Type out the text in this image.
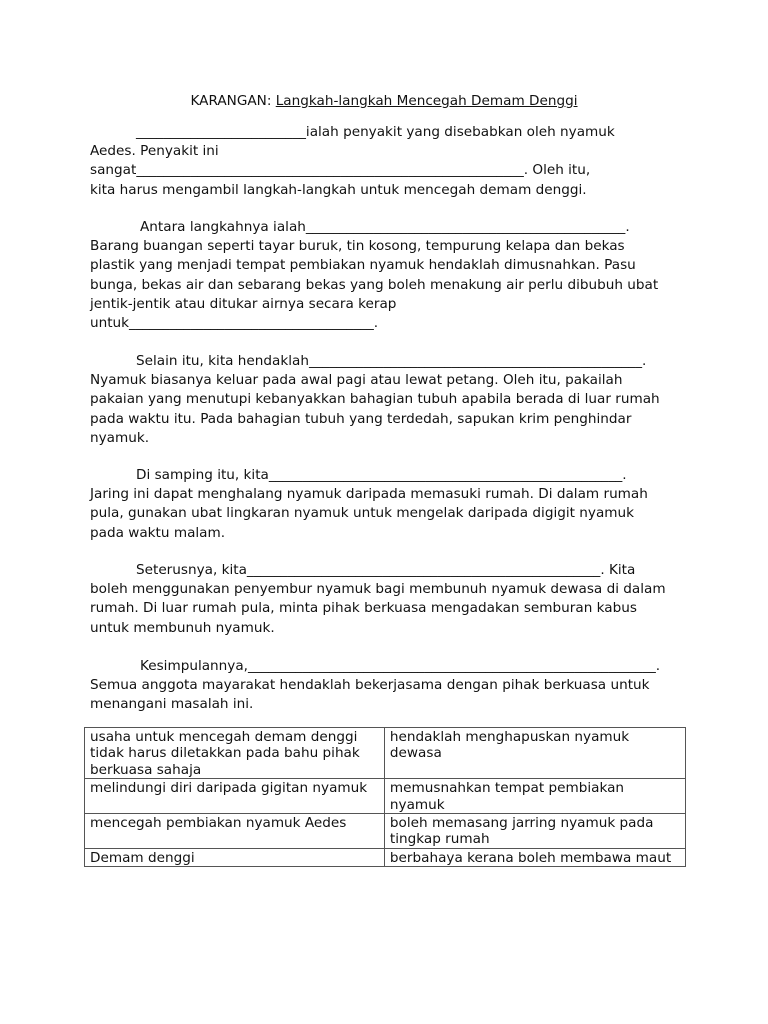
KARANGAN: Langkah-langkah Mencegah Demam Denggi
_________________________ialah penyakit yang disebabkan oleh nyamuk
Aedes. Penyakit ini
sangat_________________________________________________________. Oleh itu,
kita harus mengambil langkah-langkah untuk mencegah demam denggi.
Antara langkahnya ialah_______________________________________________.
Barang buangan seperti tayar buruk, tin kosong, tempurung kelapa dan bekas
plastik yang menjadi tempat pembiakan nyamuk hendaklah dimusnahkan. Pasu
bunga, bekas air dan sebarang bekas yang boleh menakung air perlu dibubuh ubat
jentik-jentik atau ditukar airnya secara kerap
untuk____________________________________.
Selain itu, kita hendaklah_________________________________________________.
Nyamuk biasanya keluar pada awal pagi atau lewat petang. Oleh itu, pakailah
pakaian yang menutupi kebanyakkan bahagian tubuh apabila berada di luar rumah
pada waktu itu. Pada bahagian tubuh yang terdedah, sapukan krim penghindar
nyamuk.
Di samping itu, kita____________________________________________________.
Jaring ini dapat menghalang nyamuk daripada memasuki rumah. Di dalam rumah
pula, gunakan ubat lingkaran nyamuk untuk mengelak daripada digigit nyamuk
pada waktu malam.
Seterusnya, kita____________________________________________________. Kita
boleh menggunakan penyembur nyamuk bagi membunuh nyamuk dewasa di dalam
rumah. Di luar rumah pula, minta pihak berkuasa mengadakan semburan kabus
untuk membunuh nyamuk.
Kesimpulannya,____________________________________________________________.
Semua anggota mayarakat hendaklah bekerjasama dengan pihak berkuasa untuk
menangani masalah ini.
usaha untuk mencegah demam denggi tidak harus diletakkan pada bahu pihak berkuasa sahaja	hendaklah menghapuskan nyamuk dewasa
melindungi diri daripada gigitan nyamuk	memusnahkan tempat pembiakan nyamuk
mencegah pembiakan nyamuk Aedes	boleh memasang jarring nyamuk pada tingkap rumah
Demam denggi	berbahaya kerana boleh membawa maut
